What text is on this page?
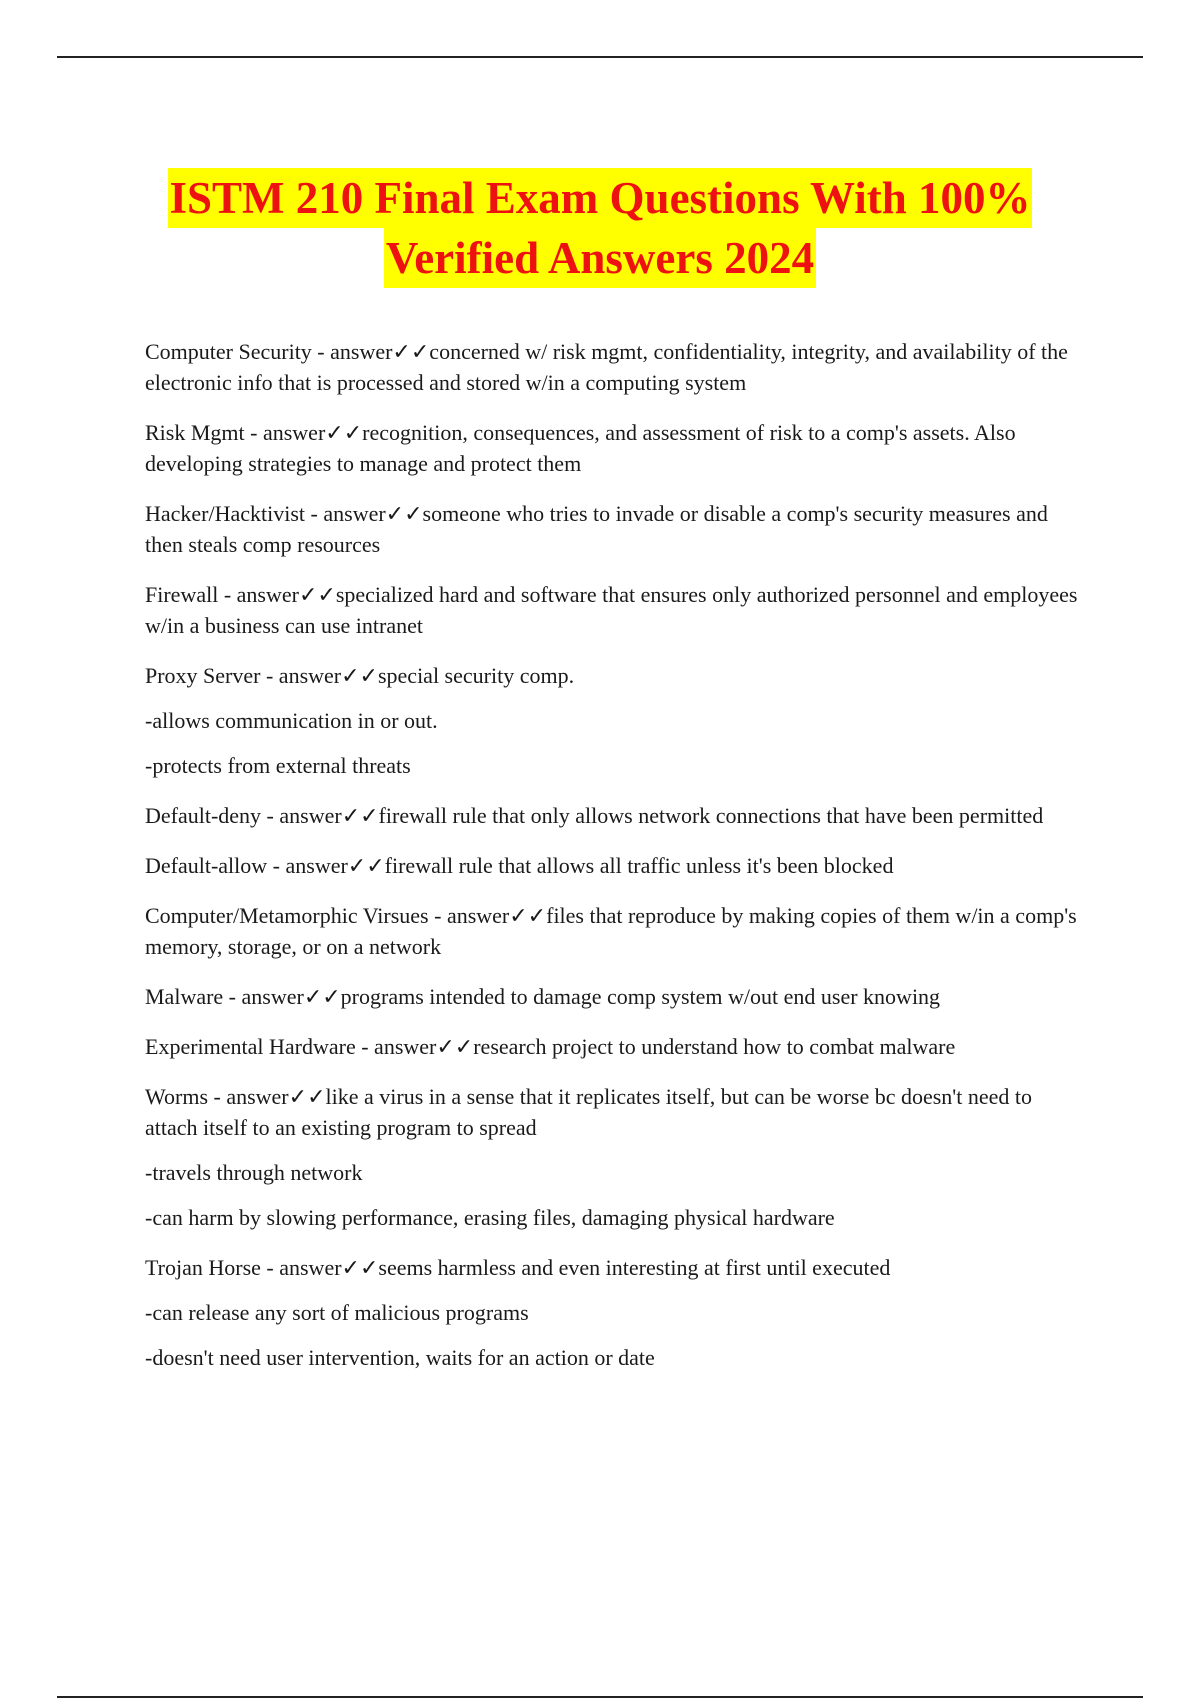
ISTM 210 Final Exam Questions With 100%
Verified Answers 2024

Computer Security - answer✓✓concerned w/ risk mgmt, confidentiality, integrity, and availability of the electronic info that is processed and stored w/in a computing system

Risk Mgmt - answer✓✓recognition, consequences, and assessment of risk to a comp's assets. Also developing strategies to manage and protect them

Hacker/Hacktivist - answer✓✓someone who tries to invade or disable a comp's security measures and then steals comp resources

Firewall - answer✓✓specialized hard and software that ensures only authorized personnel and employees w/in a business can use intranet

Proxy Server - answer✓✓special security comp.

-allows communication in or out.

-protects from external threats

Default-deny - answer✓✓firewall rule that only allows network connections that have been permitted

Default-allow - answer✓✓firewall rule that allows all traffic unless it's been blocked

Computer/Metamorphic Virsues - answer✓✓files that reproduce by making copies of them w/in a comp's memory, storage, or on a network

Malware - answer✓✓programs intended to damage comp system w/out end user knowing

Experimental Hardware - answer✓✓research project to understand how to combat malware

Worms - answer✓✓like a virus in a sense that it replicates itself, but can be worse bc doesn't need to attach itself to an existing program to spread

-travels through network

-can harm by slowing performance, erasing files, damaging physical hardware

Trojan Horse - answer✓✓seems harmless and even interesting at first until executed

-can release any sort of malicious programs

-doesn't need user intervention, waits for an action or date
